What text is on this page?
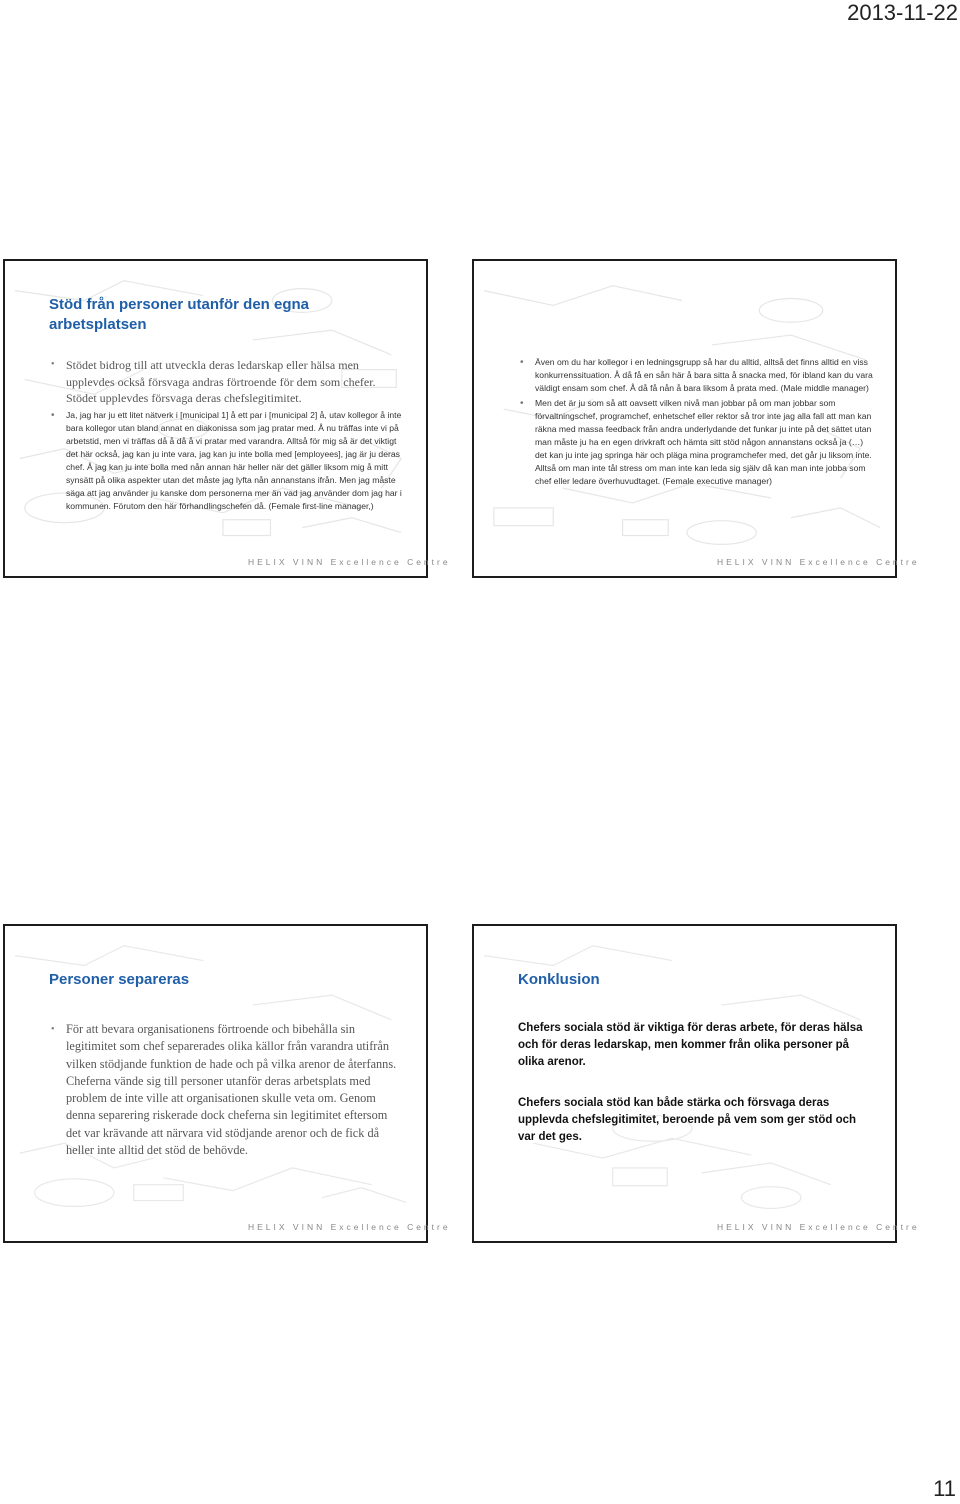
2013-11-22
Stöd från personer utanför den egna arbetsplatsen
• Stödet bidrog till att utveckla deras ledarskap eller hälsa men upplevdes också försvaga andras förtroende för dem som chefer. Stödet upplevdes försvaga deras chefslegitimitet.
• Ja, jag har ju ett litet nätverk i [municipal 1] å ett par i [municipal 2] å, utav kollegor å inte bara kollegor utan bland annat en diakonissa som jag pratar med. Å nu träffas inte vi på arbetstid, men vi träffas då å då å vi pratar med varandra. Alltså för mig så är det viktigt det här också, jag kan ju inte vara, jag kan ju inte bolla med [employees], jag är ju deras chef. Å jag kan ju inte bolla med nån annan här heller när det gäller liksom mig å mitt synsätt på olika aspekter utan det måste jag lyfta nån annanstans ifrån. Men jag måste säga att jag använder ju kanske dom personerna mer än vad jag använder dom jag har i kommunen. Förutom den här förhandlingschefen då. (Female first-line manager,)
HELIX VINN Excellence Centre
• Även om du har kollegor i en ledningsgrupp så har du alltid, alltså det finns alltid en viss konkurrenssituation. Å då få en sån här å bara sitta å snacka med, för ibland kan du vara väldigt ensam som chef. Å då få nån å bara liksom å prata med. (Male middle manager)
• Men det är ju som så att oavsett vilken nivå man jobbar på om man jobbar som förvaltningschef, programchef, enhetschef eller rektor så tror inte jag alla fall att man kan räkna med massa feedback från andra underlydande det funkar ju inte på det sättet utan man måste ju ha en egen drivkraft och hämta sitt stöd någon annanstans också ja (…) det kan ju inte jag springa här och pläga mina programchefer med, det går ju liksom inte. Alltså om man inte tål stress om man inte kan leda sig själv då kan man inte jobba som chef eller ledare överhuvudtaget. (Female executive manager)
HELIX VINN Excellence Centre
Personer separeras
• För att bevara organisationens förtroende och bibehålla sin legitimitet som chef separerades olika källor från varandra utifrån vilken stödjande funktion de hade och på vilka arenor de återfanns. Cheferna vände sig till personer utanför deras arbetsplats med problem de inte ville att organisationen skulle veta om. Genom denna separering riskerade dock cheferna sin legitimitet eftersom det var krävande att närvara vid stödjande arenor och de fick då heller inte alltid det stöd de behövde.
HELIX VINN Excellence Centre
Konklusion

Chefers sociala stöd är viktiga för deras arbete, för deras hälsa och för deras ledarskap, men kommer från olika personer på olika arenor.

Chefers sociala stöd kan både stärka och försvaga deras upplevda chefslegitimitet, beroende på vem som ger stöd och var det ges.

HELIX VINN Excellence Centre
11
